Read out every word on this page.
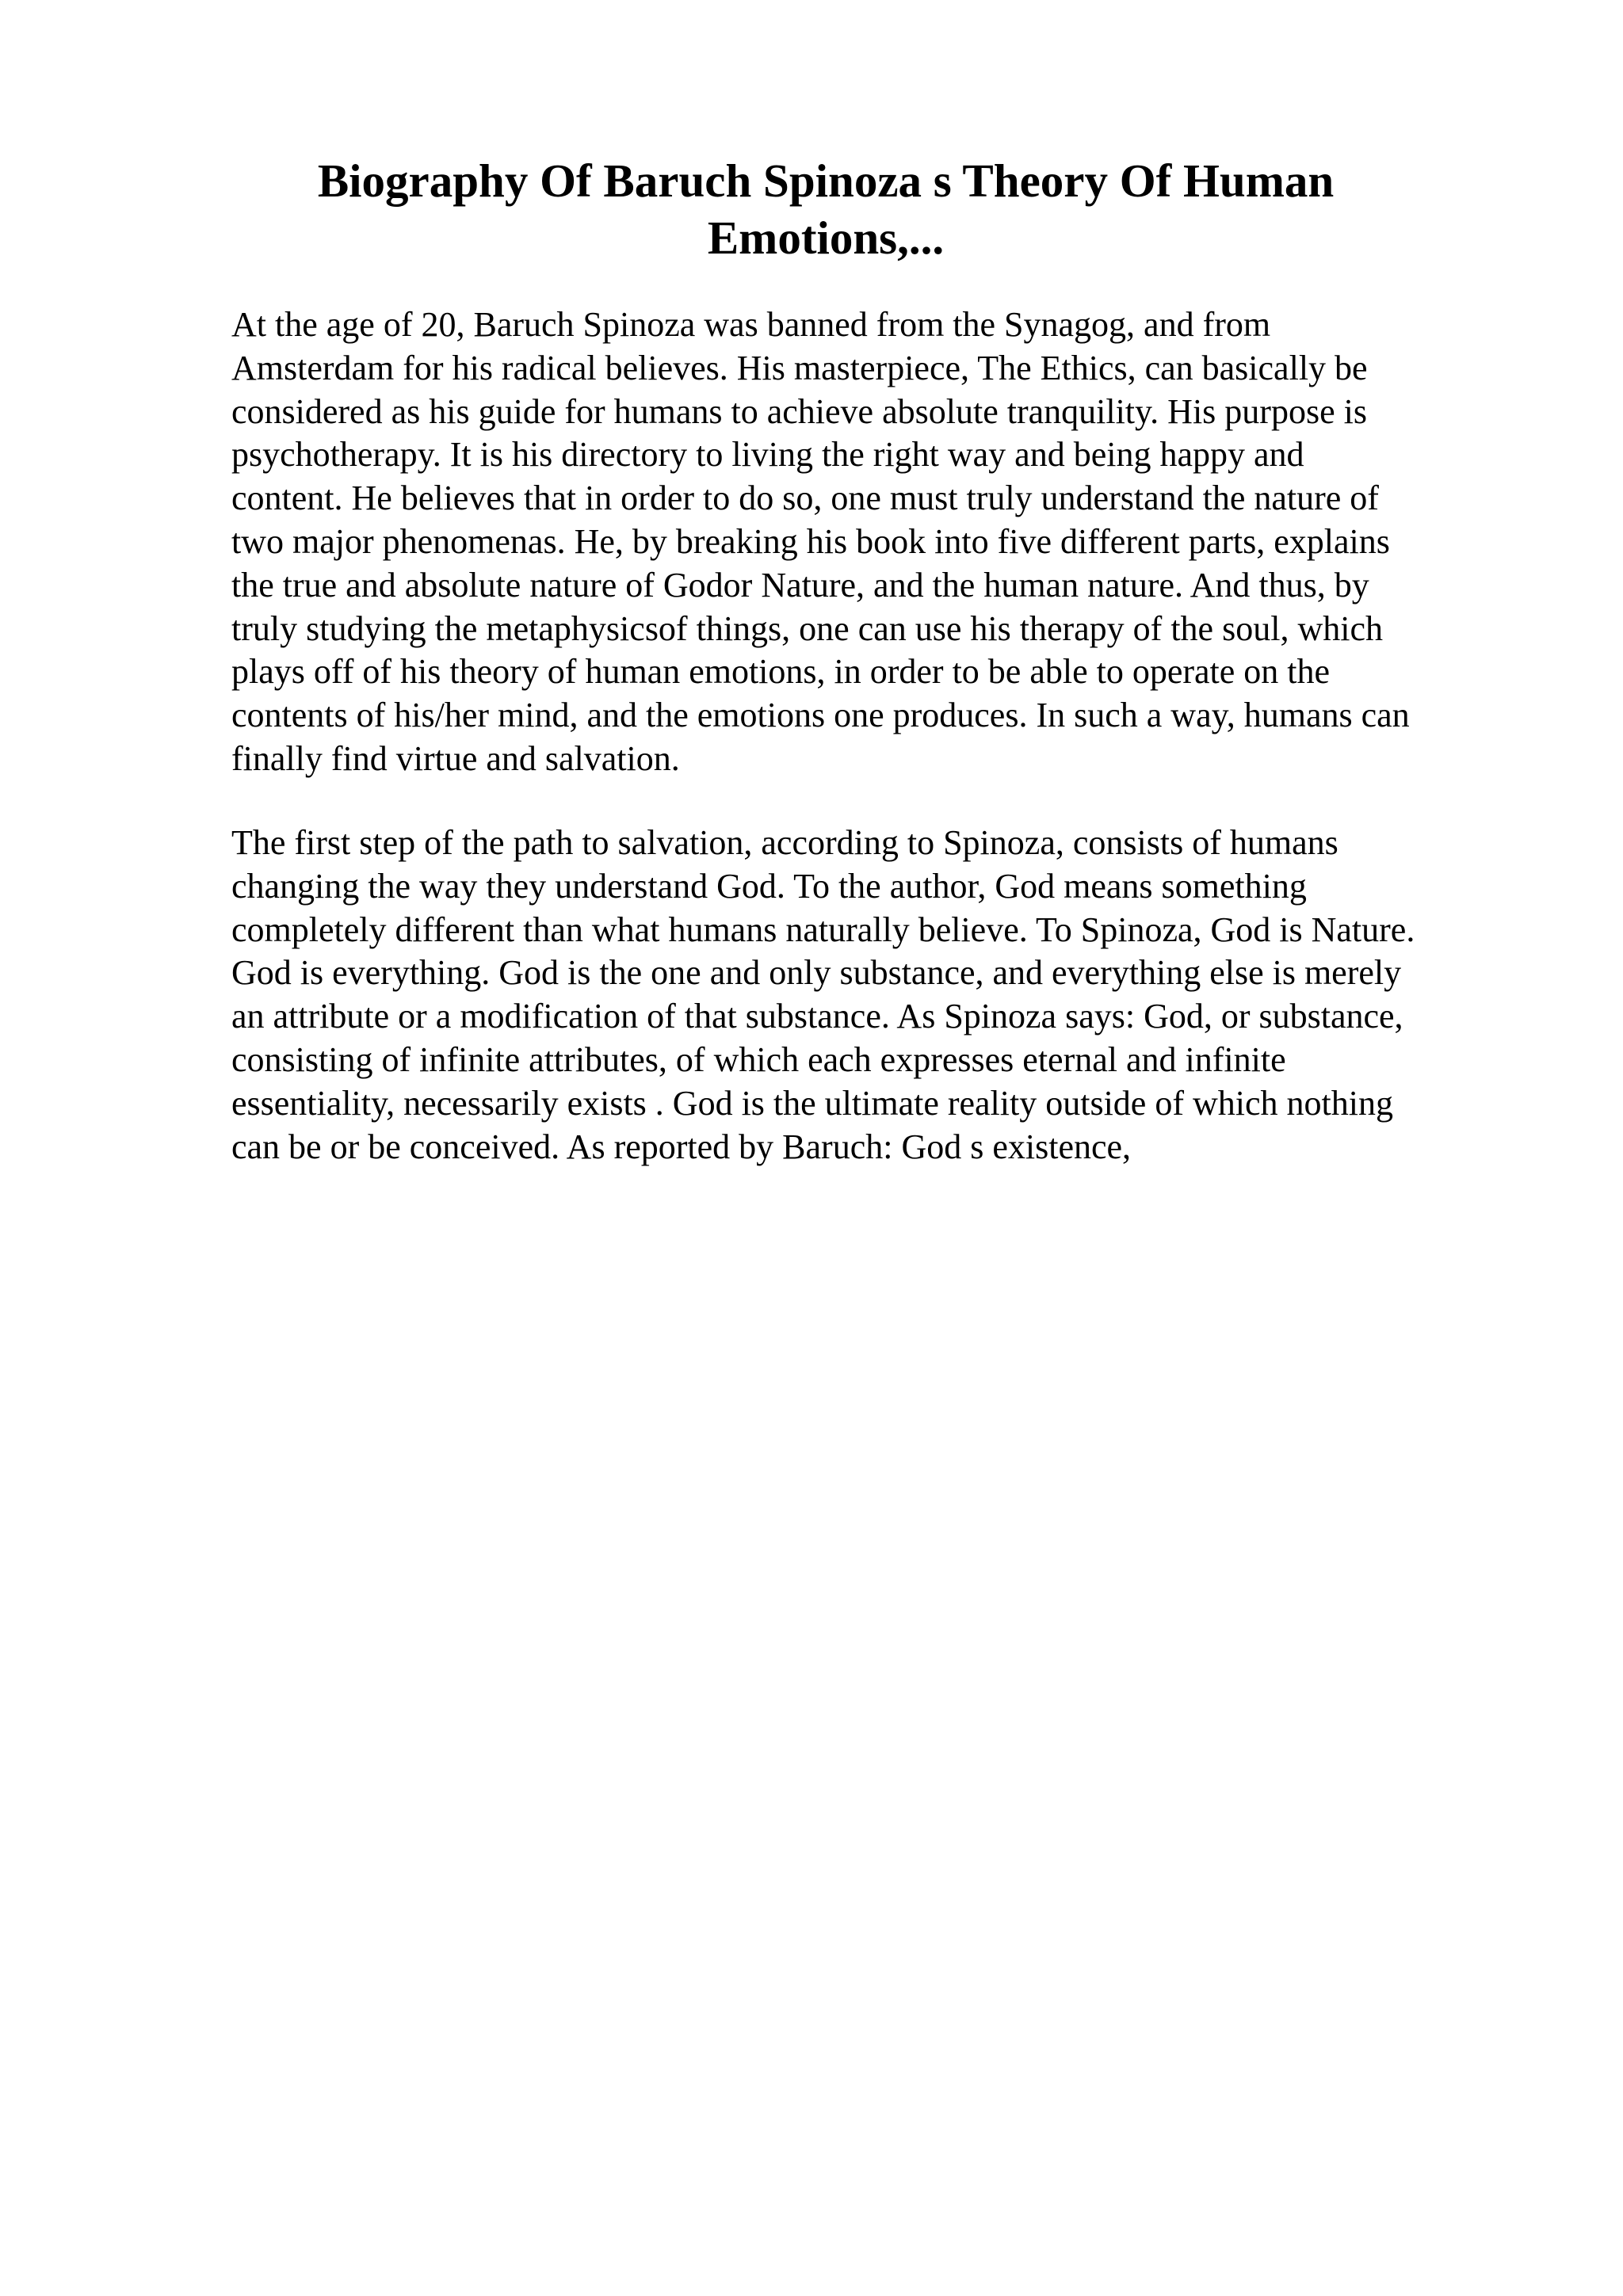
Biography Of Baruch Spinoza s Theory Of Human
Emotions,...
At the age of 20, Baruch Spinoza was banned from the Synagog, and from
Amsterdam for his radical believes. His masterpiece, The Ethics, can basically be
considered as his guide for humans to achieve absolute tranquility. His purpose is
psychotherapy. It is his directory to living the right way and being happy and
content. He believes that in order to do so, one must truly understand the nature of
two major phenomenas. He, by breaking his book into five different parts, explains
the true and absolute nature of Godor Nature, and the human nature. And thus, by
truly studying the metaphysicsof things, one can use his therapy of the soul, which
plays off of his theory of human emotions, in order to be able to operate on the
contents of his/her mind, and the emotions one produces. In such a way, humans can
finally find virtue and salvation.
The first step of the path to salvation, according to Spinoza, consists of humans
changing the way they understand God. To the author, God means something
completely different than what humans naturally believe. To Spinoza, God is Nature.
God is everything. God is the one and only substance, and everything else is merely
an attribute or a modification of that substance. As Spinoza says: God, or substance,
consisting of infinite attributes, of which each expresses eternal and infinite
essentiality, necessarily exists . God is the ultimate reality outside of which nothing
can be or be conceived. As reported by Baruch: God s existence,
